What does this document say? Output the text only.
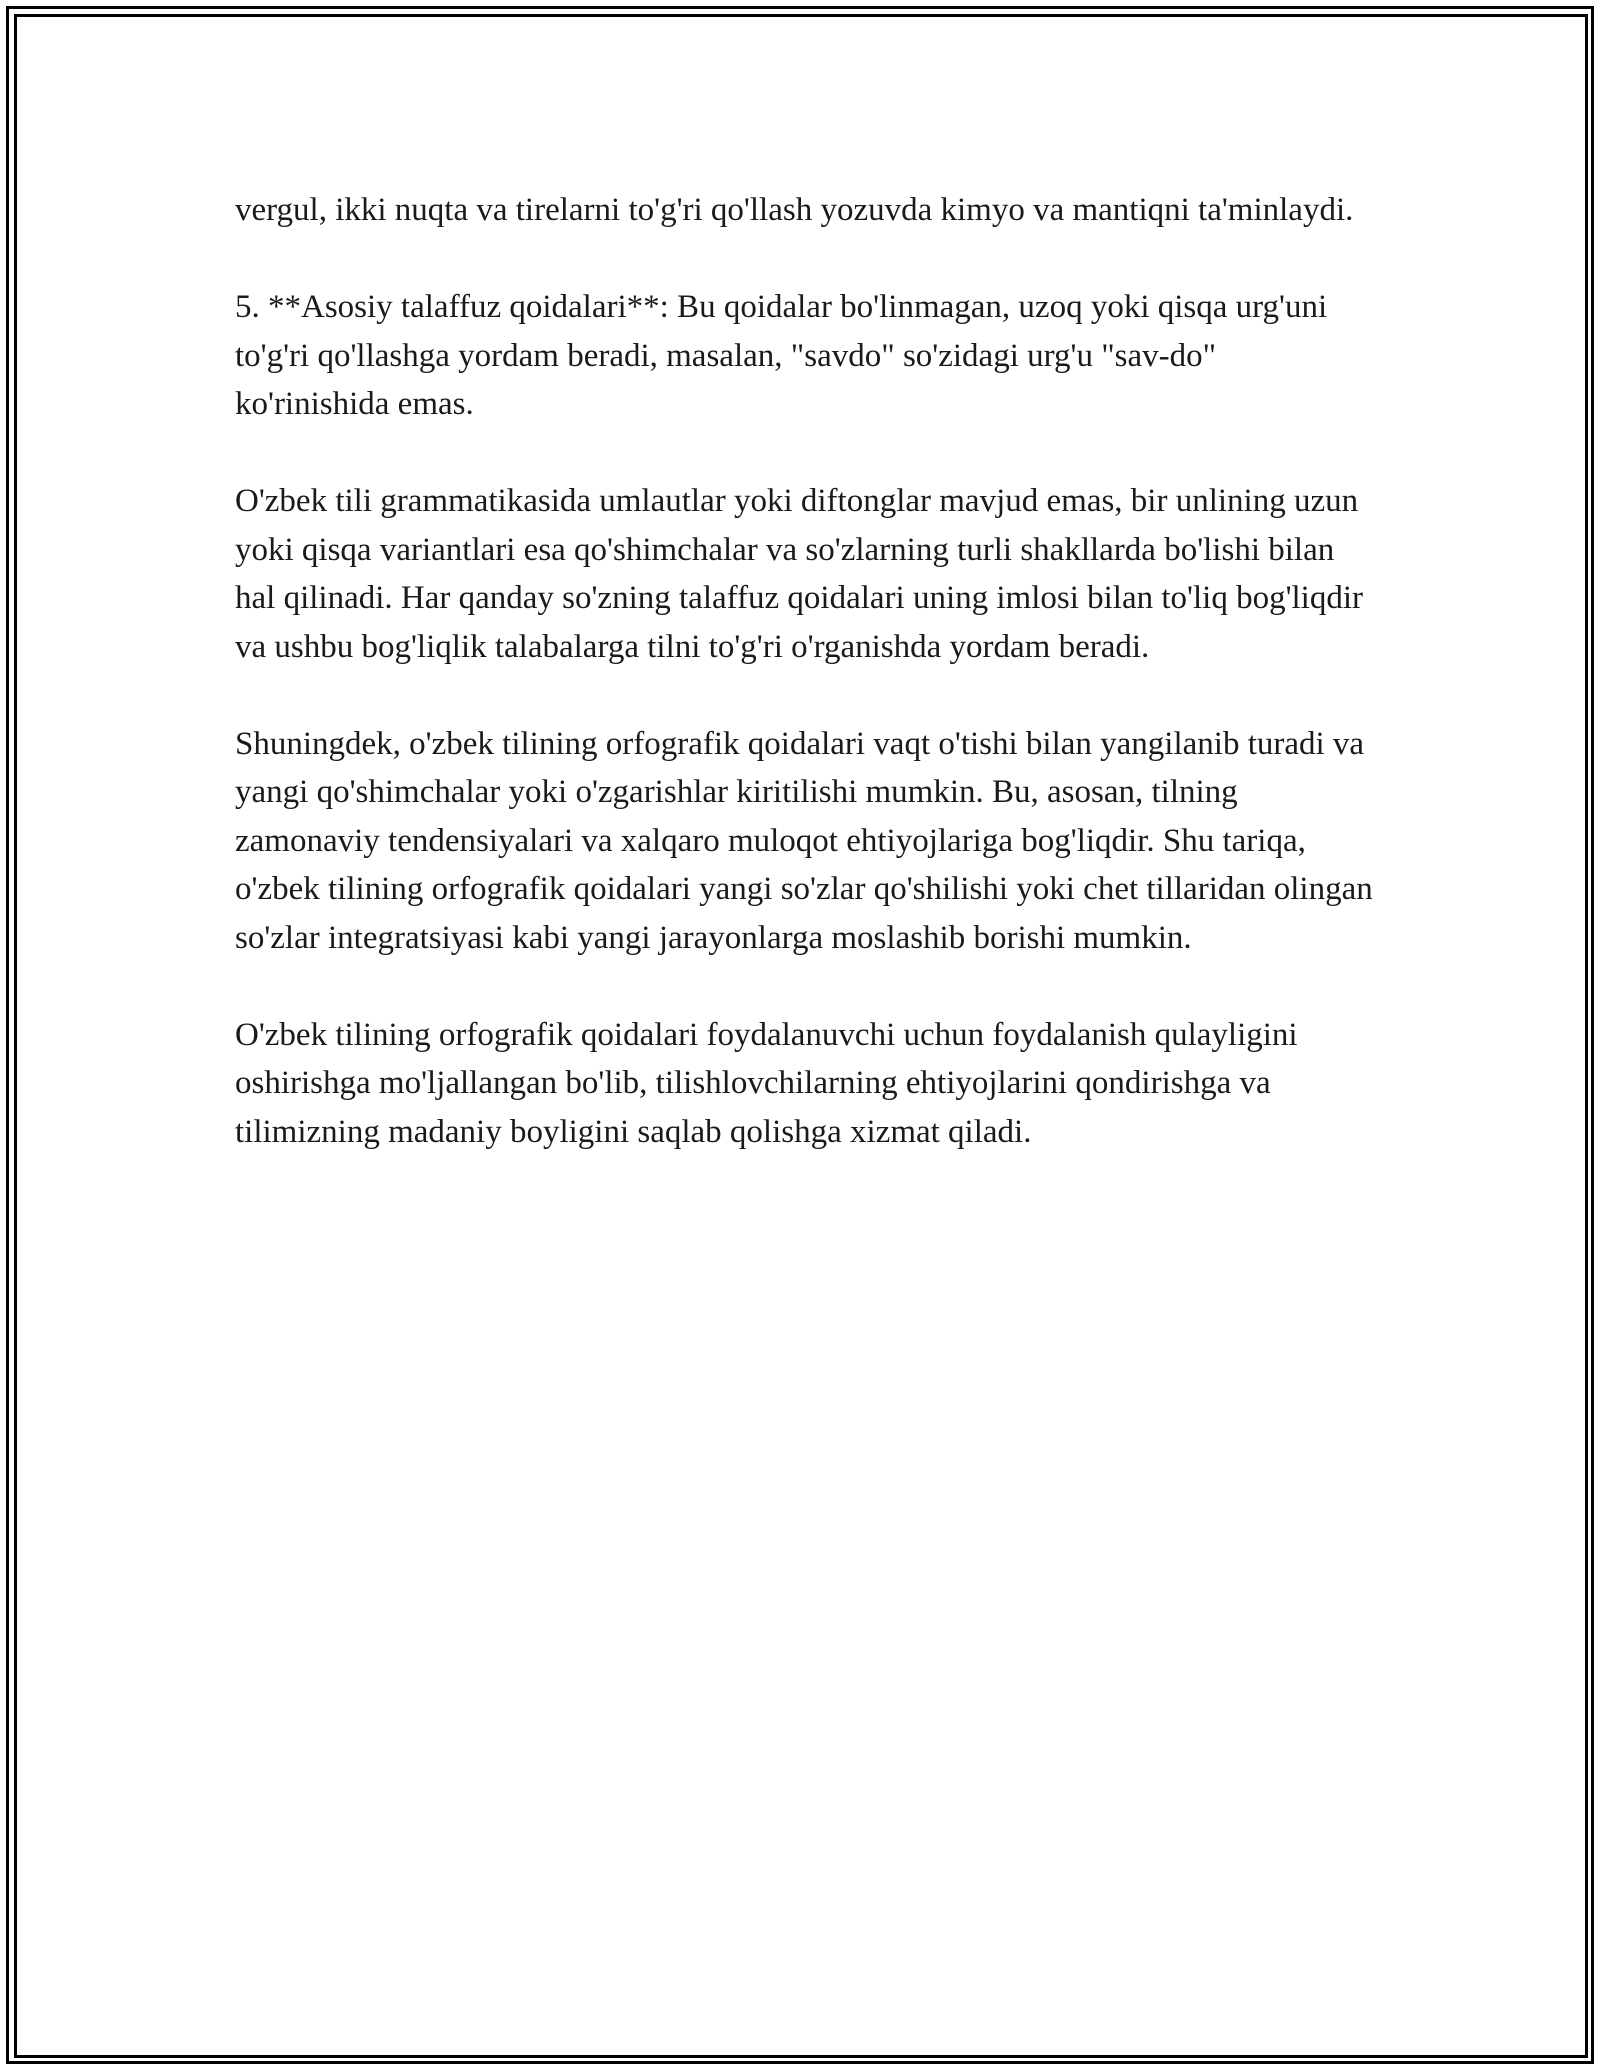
vergul, ikki nuqta va tirelarni to'g'ri qo'llash yozuvda kimyo va mantiqni ta'minlaydi.

5. **Asosiy talaffuz qoidalari**: Bu qoidalar bo'linmagan, uzoq yoki qisqa urg'uni to'g'ri qo'llashga yordam beradi, masalan, "savdo" so'zidagi urg'u "sav-do" ko'rinishida emas.

O'zbek tili grammatikasida umlautlar yoki diftonglar mavjud emas, bir unlining uzun yoki qisqa variantlari esa qo'shimchalar va so'zlarning turli shakllarda bo'lishi bilan hal qilinadi. Har qanday so'zning talaffuz qoidalari uning imlosi bilan to'liq bog'liqdir va ushbu bog'liqlik talabalarga tilni to'g'ri o'rganishda yordam beradi.

Shuningdek, o'zbek tilining orfografik qoidalari vaqt o'tishi bilan yangilanib turadi va yangi qo'shimchalar yoki o'zgarishlar kiritilishi mumkin. Bu, asosan, tilning zamonaviy tendensiyalari va xalqaro muloqot ehtiyojlariga bog'liqdir. Shu tariqa, o'zbek tilining orfografik qoidalari yangi so'zlar qo'shilishi yoki chet tillaridan olingan so'zlar integratsiyasi kabi yangi jarayonlarga moslashib borishi mumkin.

O'zbek tilining orfografik qoidalari foydalanuvchi uchun foydalanish qulayligini oshirishga mo'ljallangan bo'lib, tilishlovchilarning ehtiyojlarini qondirishga va tilimizning madaniy boyligini saqlab qolishga xizmat qiladi.
